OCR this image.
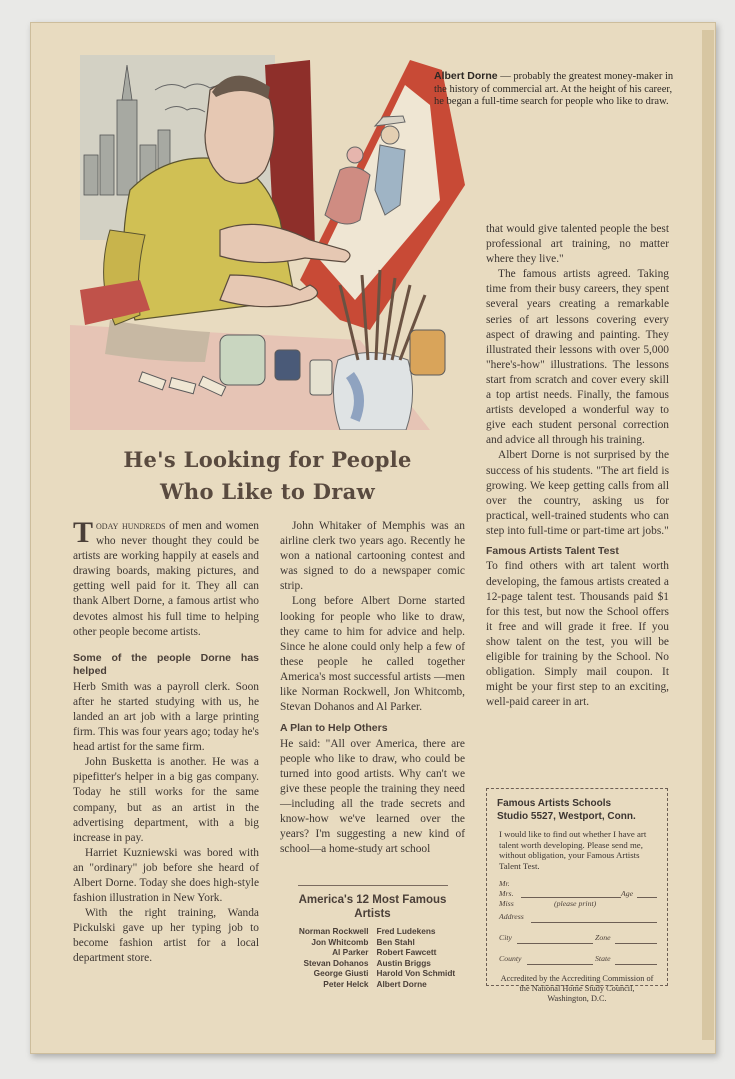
Albert Dorne — probably the greatest money-maker in the history of commercial art. At the height of his career, he began a full-time search for people who like to draw.
He's Looking for People
Who Like to Draw

Today hundreds of men and women who never thought they could be artists are working happily at easels and drawing boards, making pictures, and getting well paid for it. They all can thank Albert Dorne, a famous artist who devotes almost his full time to helping other people become artists.

Some of the people Dorne has helped

Herb Smith was a payroll clerk. Soon after he started studying with us, he landed an art job with a large printing firm. This was four years ago; today he's head artist for the same firm.

John Busketta is another. He was a pipefitter's helper in a big gas company. Today he still works for the same company, but as an artist in the advertising department, with a big increase in pay.

Harriet Kuzniewski was bored with an "ordinary" job before she heard of Albert Dorne. Today she does high-style fashion illustration in New York.

With the right training, Wanda Pickulski gave up her typing job to become fashion artist for a local department store.

John Whitaker of Memphis was an airline clerk two years ago. Recently he won a national cartooning contest and was signed to do a newspaper comic strip.

Long before Albert Dorne started looking for people who like to draw, they came to him for advice and help. Since he alone could only help a few of these people he called together America's most successful artists —men like Norman Rockwell, Jon Whitcomb, Stevan Dohanos and Al Parker.

A Plan to Help Others

He said: "All over America, there are people who like to draw, who could be turned into good artists. Why can't we give these people the training they need—including all the trade secrets and know-how we've learned over the years? I'm suggesting a new kind of school—a home-study art school

America's 12 Most Famous Artists
Norman Rockwell Fred Ludekens
Jon Whitcomb Ben Stahl
Al Parker Robert Fawcett
Stevan Dohanos Austin Briggs
George Giusti Harold Von Schmidt
Peter Helck Albert Dorne

that would give talented people the best professional art training, no matter where they live."

The famous artists agreed. Taking time from their busy careers, they spent several years creating a remarkable series of art lessons covering every aspect of drawing and painting. They illustrated their lessons with over 5,000 "here's-how" illustrations. The lessons start from scratch and cover every skill a top artist needs. Finally, the famous artists developed a wonderful way to give each student personal correction and advice all through his training.

Albert Dorne is not surprised by the success of his students. "The art field is growing. We keep getting calls from all over the country, asking us for practical, well-trained students who can step into full-time or part-time art jobs."

Famous Artists Talent Test

To find others with art talent worth developing, the famous artists created a 12-page talent test. Thousands paid $1 for this test, but now the School offers it free and will grade it free. If you show talent on the test, you will be eligible for training by the School. No obligation. Simply mail coupon. It might be your first step to an exciting, well-paid career in art.

Famous Artists Schools
Studio 5527, Westport, Conn.
I would like to find out whether I have art talent worth developing. Please send me, without obligation, your Famous Artists Talent Test.
Mr.
Mrs.	Age
Miss	(please print)
Address
City	Zone
County	State
Accredited by the Accrediting Commission of the National Home Study Council, Washington, D.C.
